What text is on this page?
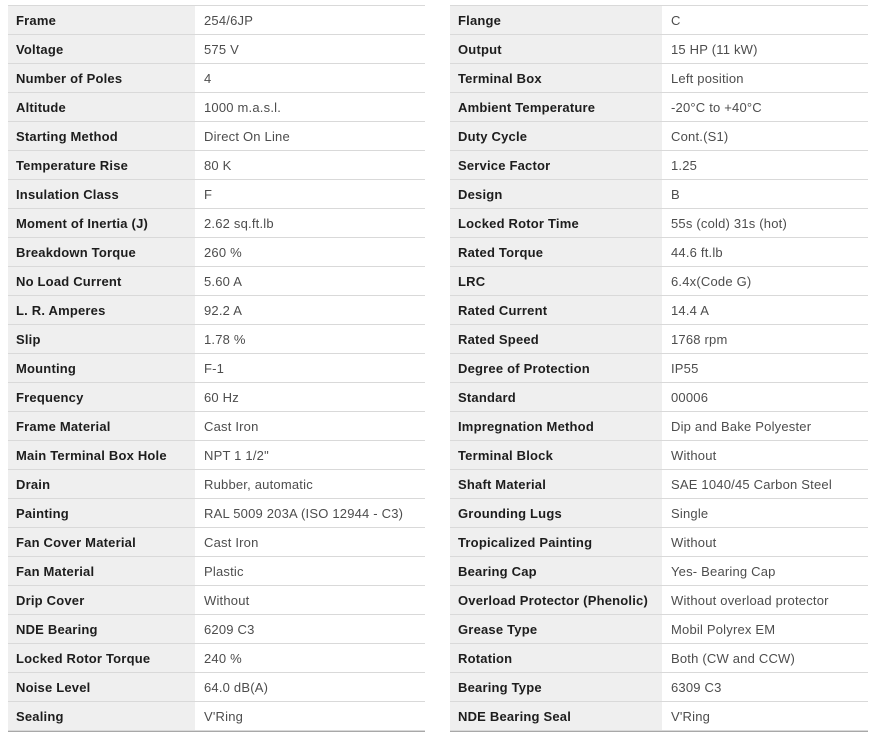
Frame	254/6JP
Voltage	575 V
Number of Poles	4
Altitude	1000 m.a.s.l.
Starting Method	Direct On Line
Temperature Rise	80 K
Insulation Class	F
Moment of Inertia (J)	2.62 sq.ft.lb
Breakdown Torque	260 %
No Load Current	5.60 A
L. R. Amperes	92.2 A
Slip	1.78 %
Mounting	F-1
Frequency	60 Hz
Frame Material	Cast Iron
Main Terminal Box Hole	NPT 1 1/2"
Drain	Rubber, automatic
Painting	RAL 5009 203A (ISO 12944 - C3)
Fan Cover Material	Cast Iron
Fan Material	Plastic
Drip Cover	Without
NDE Bearing	6209 C3
Locked Rotor Torque	240 %
Noise Level	64.0 dB(A)
Sealing	V'Ring
Flange	C
Output	15 HP (11 kW)
Terminal Box	Left position
Ambient Temperature	-20°C to +40°C
Duty Cycle	Cont.(S1)
Service Factor	1.25
Design	B
Locked Rotor Time	55s (cold) 31s (hot)
Rated Torque	44.6 ft.lb
LRC	6.4x(Code G)
Rated Current	14.4 A
Rated Speed	1768 rpm
Degree of Protection	IP55
Standard	00006
Impregnation Method	Dip and Bake Polyester
Terminal Block	Without
Shaft Material	SAE 1040/45 Carbon Steel
Grounding Lugs	Single
Tropicalized Painting	Without
Bearing Cap	Yes- Bearing Cap
Overload Protector (Phenolic)	Without overload protector
Grease Type	Mobil Polyrex EM
Rotation	Both (CW and CCW)
Bearing Type	6309 C3
NDE Bearing Seal	V'Ring
